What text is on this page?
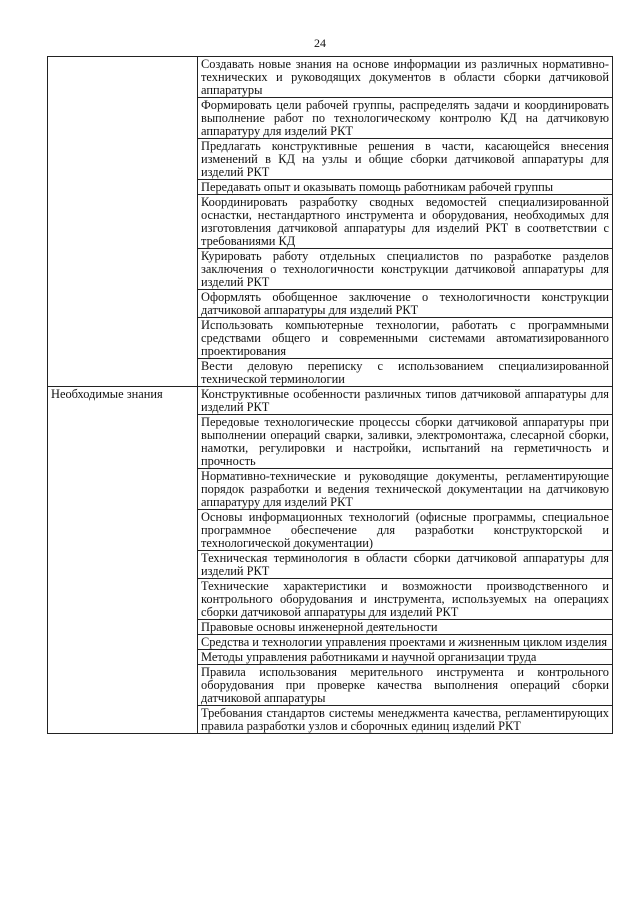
24
	Создавать новые знания на основе информации из различных нормативно-технических и руководящих документов в области сборки датчиковой аппаратуры
	Формировать цели рабочей группы, распределять задачи и координировать выполнение работ по технологическому контролю КД на датчиковую аппаратуру для изделий РКТ
	Предлагать конструктивные решения в части, касающейся внесения изменений в КД на узлы и общие сборки датчиковой аппаратуры для изделий РКТ
	Передавать опыт и оказывать помощь работникам рабочей группы
	Координировать разработку сводных ведомостей специализированной оснастки, нестандартного инструмента и оборудования, необходимых для изготовления датчиковой аппаратуры для изделий РКТ в соответствии с требованиями КД
	Курировать работу отдельных специалистов по разработке разделов заключения о технологичности конструкции датчиковой аппаратуры для изделий РКТ
	Оформлять обобщенное заключение о технологичности конструкции датчиковой аппаратуры для изделий РКТ
	Использовать компьютерные технологии, работать с программными средствами общего и современными системами автоматизированного проектирования
	Вести деловую переписку с использованием специализированной технической терминологии
Необходимые знания	Конструктивные особенности различных типов датчиковой аппаратуры для изделий РКТ
	Передовые технологические процессы сборки датчиковой аппаратуры при выполнении операций сварки, заливки, электромонтажа, слесарной сборки, намотки, регулировки и настройки, испытаний на герметичность и прочность
	Нормативно-технические и руководящие документы, регламентирующие порядок разработки и ведения технической документации на датчиковую аппаратуру для изделий РКТ
	Основы информационных технологий (офисные программы, специальное программное обеспечение для разработки конструкторской и технологической документации)
	Техническая терминология в области сборки датчиковой аппаратуры для изделий РКТ
	Технические характеристики и возможности производственного и контрольного оборудования и инструмента, используемых на операциях сборки датчиковой аппаратуры для изделий РКТ
	Правовые основы инженерной деятельности
	Средства и технологии управления проектами и жизненным циклом изделия
	Методы управления работниками и научной организации труда
	Правила использования мерительного инструмента и контрольного оборудования при проверке качества выполнения операций сборки датчиковой аппаратуры
	Требования стандартов системы менеджмента качества, регламентирующих правила разработки узлов и сборочных единиц изделий РКТ
